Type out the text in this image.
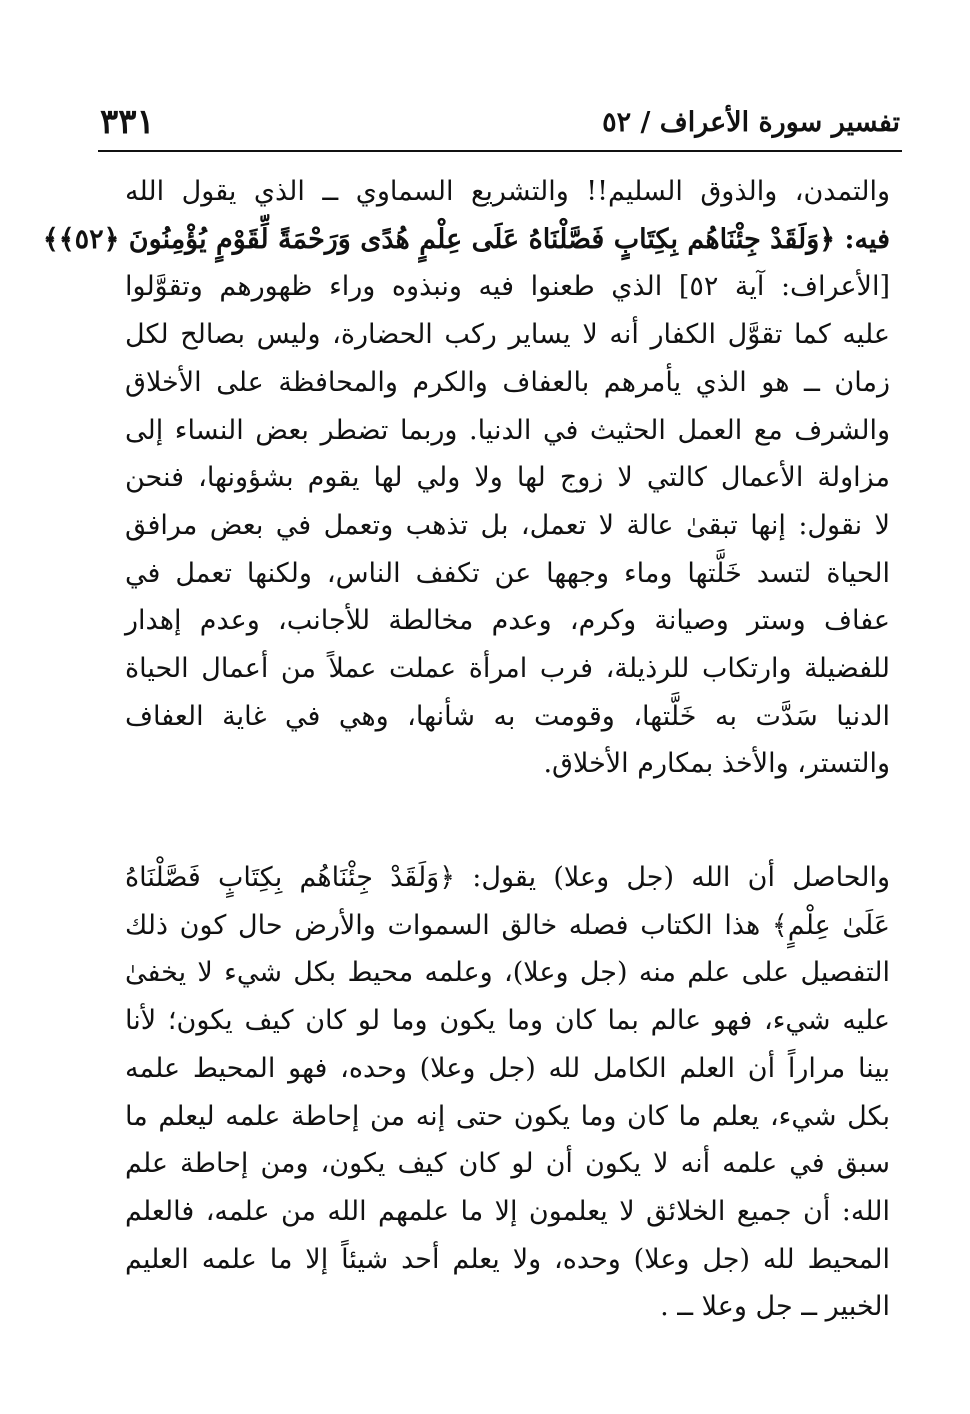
تفسير سورة الأعراف / ٥٢
٣٣١
والتمدن، والذوق السليم!! والتشريع السماوي ــ الذي يقول الله
فيه: ﴿وَلَقَدْ جِئْنَاهُم بِكِتَابٍ فَصَّلْنَاهُ عَلَى عِلْمٍ هُدًى وَرَحْمَةً لِّقَوْمٍ يُؤْمِنُونَ ﴿٥٢﴾﴾
[الأعراف: آية ٥٢] الذي طعنوا فيه ونبذوه وراء ظهورهم وتقوَّلوا
عليه كما تقوَّل الكفار أنه لا يساير ركب الحضارة، وليس بصالح لكل
زمان ــ هو الذي يأمرهم بالعفاف والكرم والمحافظة على الأخلاق
والشرف مع العمل الحثيث في الدنيا. وربما تضطر بعض النساء إلى
مزاولة الأعمال كالتي لا زوج لها ولا ولي لها يقوم بشؤونها، فنحن
لا نقول: إنها تبقىٰ عالة لا تعمل، بل تذهب وتعمل في بعض مرافق
الحياة لتسد خَلَّتها وماء وجهها عن تكفف الناس، ولكنها تعمل في
عفاف وستر وصيانة وكرم، وعدم مخالطة للأجانب، وعدم إهدار
للفضيلة وارتكاب للرذيلة، فرب امرأة عملت عملاً من أعمال الحياة
الدنيا سَدَّت به خَلَّتها، وقومت به شأنها، وهي في غاية العفاف
والتستر، والأخذ بمكارم الأخلاق.
والحاصل أن الله (جل وعلا) يقول: ﴿وَلَقَدْ جِئْنَاهُم بِكِتَابٍ فَصَّلْنَاهُ
عَلَىٰ عِلْمٍ﴾ هذا الكتاب فصله خالق السموات والأرض حال كون ذلك
التفصيل على علم منه (جل وعلا)، وعلمه محيط بكل شيء لا يخفىٰ
عليه شيء، فهو عالم بما كان وما يكون وما لو كان كيف يكون؛ لأنا
بينا مراراً أن العلم الكامل لله (جل وعلا) وحده، فهو المحيط علمه
بكل شيء، يعلم ما كان وما يكون حتى إنه من إحاطة علمه ليعلم ما
سبق في علمه أنه لا يكون أن لو كان كيف يكون، ومن إحاطة علم
الله: أن جميع الخلائق لا يعلمون إلا ما علمهم الله من علمه، فالعلم
المحيط لله (جل وعلا) وحده، ولا يعلم أحد شيئاً إلا ما علمه العليم
الخبير ــ جل وعلا ــ .
